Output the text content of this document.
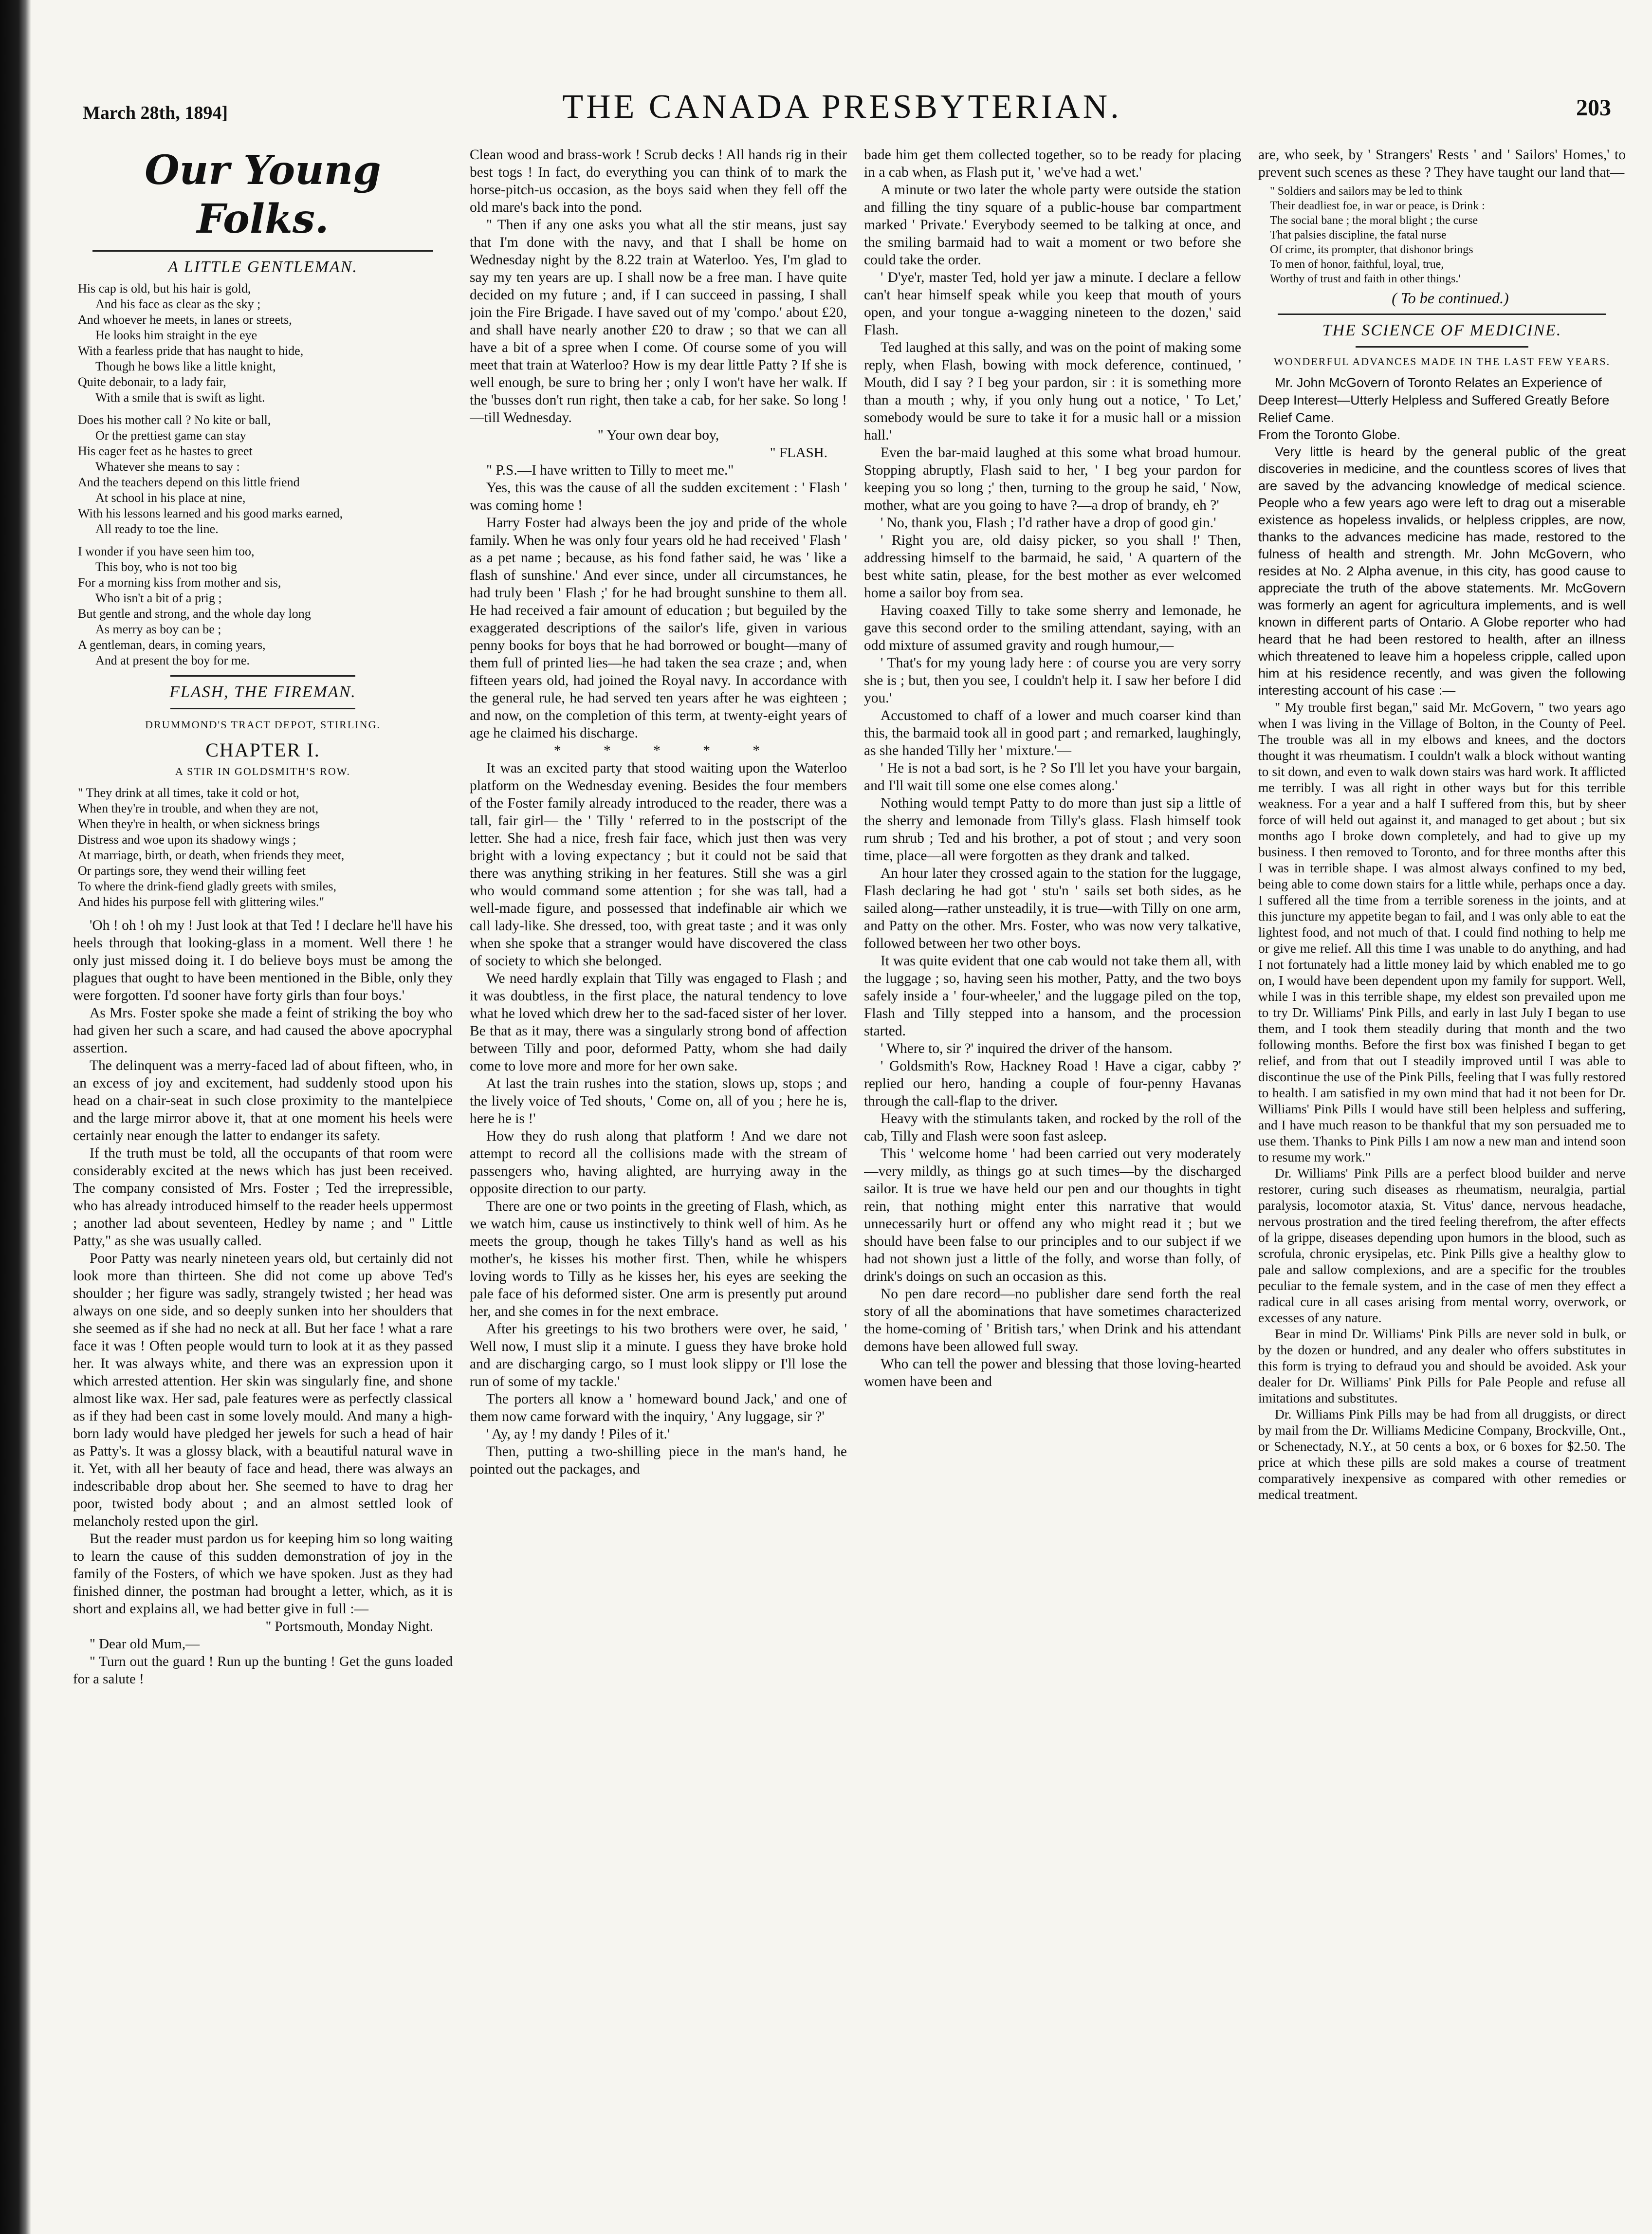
March 28th, 1894]	THE CANADA PRESBYTERIAN.	203
Our Young Folks.
A LITTLE GENTLEMAN.
His cap is old, but his hair is gold,
And his face as clear as the sky ;
And whoever he meets, in lanes or streets,
He looks him straight in the eye
With a fearless pride that has naught to hide,
Though he bows like a little knight,
Quite debonair, to a lady fair,
With a smile that is swift as light.
Does his mother call ? No kite or ball,
Or the prettiest game can stay
His eager feet as he hastes to greet
Whatever she means to say :
And the teachers depend on this little friend
At school in his place at nine,
With his lessons learned and his good marks earned,
All ready to toe the line.
I wonder if you have seen him too,
This boy, who is not too big
For a morning kiss from mother and sis,
Who isn't a bit of a prig ;
But gentle and strong, and the whole day long
As merry as boy can be ;
A gentleman, dears, in coming years,
And at present the boy for me.
FLASH, THE FIREMAN.
DRUMMOND'S TRACT DEPOT, STIRLING.
CHAPTER I.
A STIR IN GOLDSMITH'S ROW.
" They drink at all times, take it cold or hot,
When they're in trouble, and when they are not,
When they're in health, or when sickness brings
Distress and woe upon its shadowy wings ;
At marriage, birth, or death, when friends they meet,
Or partings sore, they wend their willing feet
To where the drink-fiend gladly greets with smiles,
And hides his purpose fell with glittering wiles."

'Oh ! oh ! oh my ! Just look at that Ted ! I declare he'll have his heels through that looking-glass in a moment. Well there ! he only just missed doing it. I do believe boys must be among the plagues that ought to have been mentioned in the Bible, only they were forgotten. I'd sooner have forty girls than four boys.'

As Mrs. Foster spoke she made a feint of striking the boy who had given her such a scare, and had caused the above apocryphal assertion.

The delinquent was a merry-faced lad of about fifteen, who, in an excess of joy and excitement, had suddenly stood upon his head on a chair-seat in such close proximity to the mantelpiece and the large mirror above it, that at one moment his heels were certainly near enough the latter to endanger its safety.

If the truth must be told, all the occupants of that room were considerably excited at the news which has just been received. The company consisted of Mrs. Foster ; Ted the irrepressible, who has already introduced himself to the reader heels uppermost ; another lad about seventeen, Hedley by name ; and " Little Patty," as she was usually called.

Poor Patty was nearly nineteen years old, but certainly did not look more than thirteen. She did not come up above Ted's shoulder ; her figure was sadly, strangely twisted ; her head was always on one side, and so deeply sunken into her shoulders that she seemed as if she had no neck at all. But her face ! what a rare face it was ! Often people would turn to look at it as they passed her. It was always white, and there was an expression upon it which arrested attention. Her skin was singularly fine, and shone almost like wax. Her sad, pale features were as perfectly classical as if they had been cast in some lovely mould. And many a high-born lady would have pledged her jewels for such a head of hair as Patty's. It was a glossy black, with a beautiful natural wave in it. Yet, with all her beauty of face and head, there was always an indescribable drop about her. She seemed to have to drag her poor, twisted body about ; and an almost settled look of melancholy rested upon the girl.

But the reader must pardon us for keeping him so long waiting to learn the cause of this sudden demonstration of joy in the family of the Fosters, of which we have spoken. Just as they had finished dinner, the postman had brought a letter, which, as it is short and explains all, we had better give in full :—

" Portsmouth, Monday Night.

" Dear old Mum,—

" Turn out the guard ! Run up the bunting ! Get the guns loaded for a salute !

Clean wood and brass-work ! Scrub decks ! All hands rig in their best togs ! In fact, do everything you can think of to mark the horse-pitch-us occasion, as the boys said when they fell off the old mare's back into the pond.

" Then if any one asks you what all the stir means, just say that I'm done with the navy, and that I shall be home on Wednesday night by the 8.22 train at Waterloo. Yes, I'm glad to say my ten years are up. I shall now be a free man. I have quite decided on my future ; and, if I can succeed in passing, I shall join the Fire Brigade. I have saved out of my 'compo.' about £20, and shall have nearly another £20 to draw ; so that we can all have a bit of a spree when I come. Of course some of you will meet that train at Waterloo? How is my dear little Patty ? If she is well enough, be sure to bring her ; only I won't have her walk. If the 'busses don't run right, then take a cab, for her sake. So long !—till Wednesday.

" Your own dear boy,

" FLASH.

" P.S.—I have written to Tilly to meet me."

Yes, this was the cause of all the sudden excitement : ' Flash ' was coming home !

Harry Foster had always been the joy and pride of the whole family. When he was only four years old he had received ' Flash ' as a pet name ; because, as his fond father said, he was ' like a flash of sunshine.' And ever since, under all circumstances, he had truly been ' Flash ;' for he had brought sunshine to them all. He had received a fair amount of education ; but beguiled by the exaggerated descriptions of the sailor's life, given in various penny books for boys that he had borrowed or bought—many of them full of printed lies—he had taken the sea craze ; and, when fifteen years old, had joined the Royal navy. In accordance with the general rule, he had served ten years after he was eighteen ; and now, on the completion of this term, at twenty-eight years of age he claimed his discharge.

* * * * *

It was an excited party that stood waiting upon the Waterloo platform on the Wednesday evening. Besides the four members of the Foster family already introduced to the reader, there was a tall, fair girl— the ' Tilly ' referred to in the postscript of the letter. She had a nice, fresh fair face, which just then was very bright with a loving expectancy ; but it could not be said that there was anything striking in her features. Still she was a girl who would command some attention ; for she was tall, had a well-made figure, and possessed that indefinable air which we call lady-like. She dressed, too, with great taste ; and it was only when she spoke that a stranger would have discovered the class of society to which she belonged.

We need hardly explain that Tilly was engaged to Flash ; and it was doubtless, in the first place, the natural tendency to love what he loved which drew her to the sad-faced sister of her lover. Be that as it may, there was a singularly strong bond of affection between Tilly and poor, deformed Patty, whom she had daily come to love more and more for her own sake.

At last the train rushes into the station, slows up, stops ; and the lively voice of Ted shouts, ' Come on, all of you ; here he is, here he is !'

How they do rush along that platform ! And we dare not attempt to record all the collisions made with the stream of passengers who, having alighted, are hurrying away in the opposite direction to our party.

There are one or two points in the greeting of Flash, which, as we watch him, cause us instinctively to think well of him. As he meets the group, though he takes Tilly's hand as well as his mother's, he kisses his mother first. Then, while he whispers loving words to Tilly as he kisses her, his eyes are seeking the pale face of his deformed sister. One arm is presently put around her, and she comes in for the next embrace.

After his greetings to his two brothers were over, he said, ' Well now, I must slip it a minute. I guess they have broke hold and are discharging cargo, so I must look slippy or I'll lose the run of some of my tackle.'

The porters all know a ' homeward bound Jack,' and one of them now came forward with the inquiry, ' Any luggage, sir ?'

' Ay, ay ! my dandy ! Piles of it.'

Then, putting a two-shilling piece in the man's hand, he pointed out the packages, and

bade him get them collected together, so to be ready for placing in a cab when, as Flash put it, ' we've had a wet.'

A minute or two later the whole party were outside the station and filling the tiny square of a public-house bar compartment marked ' Private.' Everybody seemed to be talking at once, and the smiling barmaid had to wait a moment or two before she could take the order.

' D'ye'r, master Ted, hold yer jaw a minute. I declare a fellow can't hear himself speak while you keep that mouth of yours open, and your tongue a-wagging nineteen to the dozen,' said Flash.

Ted laughed at this sally, and was on the point of making some reply, when Flash, bowing with mock deference, continued, ' Mouth, did I say ? I beg your pardon, sir : it is something more than a mouth ; why, if you only hung out a notice, ' To Let,' somebody would be sure to take it for a music hall or a mission hall.'

Even the bar-maid laughed at this some what broad humour. Stopping abruptly, Flash said to her, ' I beg your pardon for keeping you so long ;' then, turning to the group he said, ' Now, mother, what are you going to have ?—a drop of brandy, eh ?'

' No, thank you, Flash ; I'd rather have a drop of good gin.'

' Right you are, old daisy picker, so you shall !' Then, addressing himself to the barmaid, he said, ' A quartern of the best white satin, please, for the best mother as ever welcomed home a sailor boy from sea.

Having coaxed Tilly to take some sherry and lemonade, he gave this second order to the smiling attendant, saying, with an odd mixture of assumed gravity and rough humour,—

' That's for my young lady here : of course you are very sorry she is ; but, then you see, I couldn't help it. I saw her before I did you.'

Accustomed to chaff of a lower and much coarser kind than this, the barmaid took all in good part ; and remarked, laughingly, as she handed Tilly her ' mixture.'—

' He is not a bad sort, is he ? So I'll let you have your bargain, and I'll wait till some one else comes along.'

Nothing would tempt Patty to do more than just sip a little of the sherry and lemonade from Tilly's glass. Flash himself took rum shrub ; Ted and his brother, a pot of stout ; and very soon time, place—all were forgotten as they drank and talked.

An hour later they crossed again to the station for the luggage, Flash declaring he had got ' stu'n ' sails set both sides, as he sailed along—rather unsteadily, it is true—with Tilly on one arm, and Patty on the other. Mrs. Foster, who was now very talkative, followed between her two other boys.

It was quite evident that one cab would not take them all, with the luggage ; so, having seen his mother, Patty, and the two boys safely inside a ' four-wheeler,' and the luggage piled on the top, Flash and Tilly stepped into a hansom, and the procession started.

' Where to, sir ?' inquired the driver of the hansom.

' Goldsmith's Row, Hackney Road ! Have a cigar, cabby ?' replied our hero, handing a couple of four-penny Havanas through the call-flap to the driver.

Heavy with the stimulants taken, and rocked by the roll of the cab, Tilly and Flash were soon fast asleep.

This ' welcome home ' had been carried out very moderately—very mildly, as things go at such times—by the discharged sailor. It is true we have held our pen and our thoughts in tight rein, that nothing might enter this narrative that would unnecessarily hurt or offend any who might read it ; but we should have been false to our principles and to our subject if we had not shown just a little of the folly, and worse than folly, of drink's doings on such an occasion as this.

No pen dare record—no publisher dare send forth the real story of all the abominations that have sometimes characterized the home-coming of ' British tars,' when Drink and his attendant demons have been allowed full sway.

Who can tell the power and blessing that those loving-hearted women have been and

are, who seek, by ' Strangers' Rests ' and ' Sailors' Homes,' to prevent such scenes as these ? They have taught our land that—

" Soldiers and sailors may be led to think
Their deadliest foe, in war or peace, is Drink :
The social bane ; the moral blight ; the curse
That palsies discipline, the fatal nurse
Of crime, its prompter, that dishonor brings
To men of honor, faithful, loyal, true,
Worthy of trust and faith in other things.'

( To be continued.)

THE SCIENCE OF MEDICINE.
WONDERFUL ADVANCES MADE IN THE LAST FEW YEARS.

Mr. John McGovern of Toronto Relates an Experience of Deep Interest—Utterly Helpless and Suffered Greatly Before Relief Came.

From the Toronto Globe.

Very little is heard by the general public of the great discoveries in medicine, and the countless scores of lives that are saved by the advancing knowledge of medical science. People who a few years ago were left to drag out a miserable existence as hopeless invalids, or helpless cripples, are now, thanks to the advances medicine has made, restored to the fulness of health and strength. Mr. John McGovern, who resides at No. 2 Alpha avenue, in this city, has good cause to appreciate the truth of the above statements. Mr. McGovern was formerly an agent for agricultura implements, and is well known in different parts of Ontario. A Globe reporter who had heard that he had been restored to health, after an illness which threatened to leave him a hopeless cripple, called upon him at his residence recently, and was given the following interesting account of his case :—

" My trouble first began," said Mr. McGovern, " two years ago when I was living in the Village of Bolton, in the County of Peel. The trouble was all in my elbows and knees, and the doctors thought it was rheumatism. I couldn't walk a block without wanting to sit down, and even to walk down stairs was hard work. It afflicted me terribly. I was all right in other ways but for this terrible weakness. For a year and a half I suffered from this, but by sheer force of will held out against it, and managed to get about ; but six months ago I broke down completely, and had to give up my business. I then removed to Toronto, and for three months after this I was in terrible shape. I was almost always confined to my bed, being able to come down stairs for a little while, perhaps once a day. I suffered all the time from a terrible soreness in the joints, and at this juncture my appetite began to fail, and I was only able to eat the lightest food, and not much of that. I could find nothing to help me or give me relief. All this time I was unable to do anything, and had I not fortunately had a little money laid by which enabled me to go on, I would have been dependent upon my family for support. Well, while I was in this terrible shape, my eldest son prevailed upon me to try Dr. Williams' Pink Pills, and early in last July I began to use them, and I took them steadily during that month and the two following months. Before the first box was finished I began to get relief, and from that out I steadily improved until I was able to discontinue the use of the Pink Pills, feeling that I was fully restored to health. I am satisfied in my own mind that had it not been for Dr. Williams' Pink Pills I would have still been helpless and suffering, and I have much reason to be thankful that my son persuaded me to use them. Thanks to Pink Pills I am now a new man and intend soon to resume my work."

Dr. Williams' Pink Pills are a perfect blood builder and nerve restorer, curing such diseases as rheumatism, neuralgia, partial paralysis, locomotor ataxia, St. Vitus' dance, nervous headache, nervous prostration and the tired feeling therefrom, the after effects of la grippe, diseases depending upon humors in the blood, such as scrofula, chronic erysipelas, etc. Pink Pills give a healthy glow to pale and sallow complexions, and are a specific for the troubles peculiar to the female system, and in the case of men they effect a radical cure in all cases arising from mental worry, overwork, or excesses of any nature.

Bear in mind Dr. Williams' Pink Pills are never sold in bulk, or by the dozen or hundred, and any dealer who offers substitutes in this form is trying to defraud you and should be avoided. Ask your dealer for Dr. Williams' Pink Pills for Pale People and refuse all imitations and substitutes.

Dr. Williams Pink Pills may be had from all druggists, or direct by mail from the Dr. Williams Medicine Company, Brockville, Ont., or Schenectady, N.Y., at 50 cents a box, or 6 boxes for $2.50. The price at which these pills are sold makes a course of treatment comparatively inexpensive as compared with other remedies or medical treatment.
